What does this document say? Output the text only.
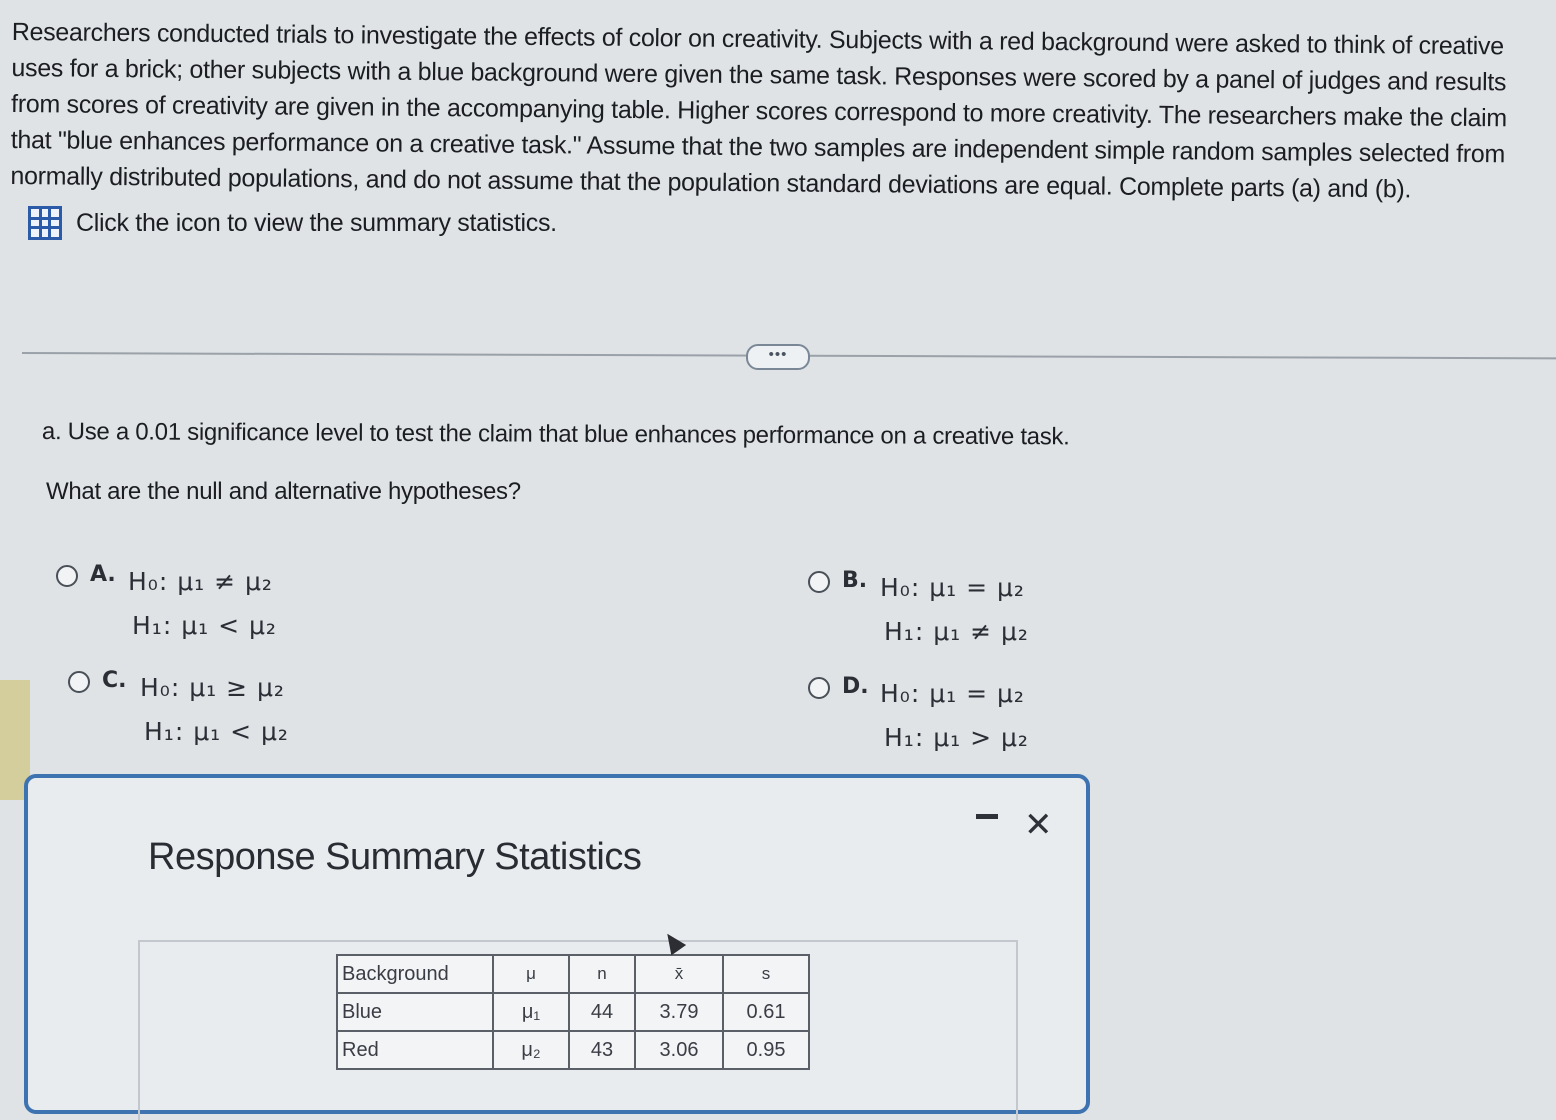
Researchers conducted trials to investigate the effects of color on creativity. Subjects with a red background were asked to think of creative

uses for a brick; other subjects with a blue background were given the same task. Responses were scored by a panel of judges and results

from scores of creativity are given in the accompanying table. Higher scores correspond to more creativity. The researchers make the claim

that "blue enhances performance on a creative task." Assume that the two samples are independent simple random samples selected from

normally distributed populations, and do not assume that the population standard deviations are equal. Complete parts (a) and (b).

Click the icon to view the summary statistics.
•••
a. Use a 0.01 significance level to test the claim that blue enhances performance on a creative task.
What are the null and alternative hypotheses?
A. H₀: μ₁ ≠ μ₂
H₁: μ₁ < μ₂
B. H₀: μ₁ = μ₂
H₁: μ₁ ≠ μ₂
C. H₀: μ₁ ≥ μ₂
H₁: μ₁ < μ₂
D. H₀: μ₁ = μ₂
H₁: μ₁ > μ₂
Response Summary Statistics
✕
Background	μ	n	x̄	s
Blue	μ₁	44	3.79	0.61
Red	μ₂	43	3.06	0.95
